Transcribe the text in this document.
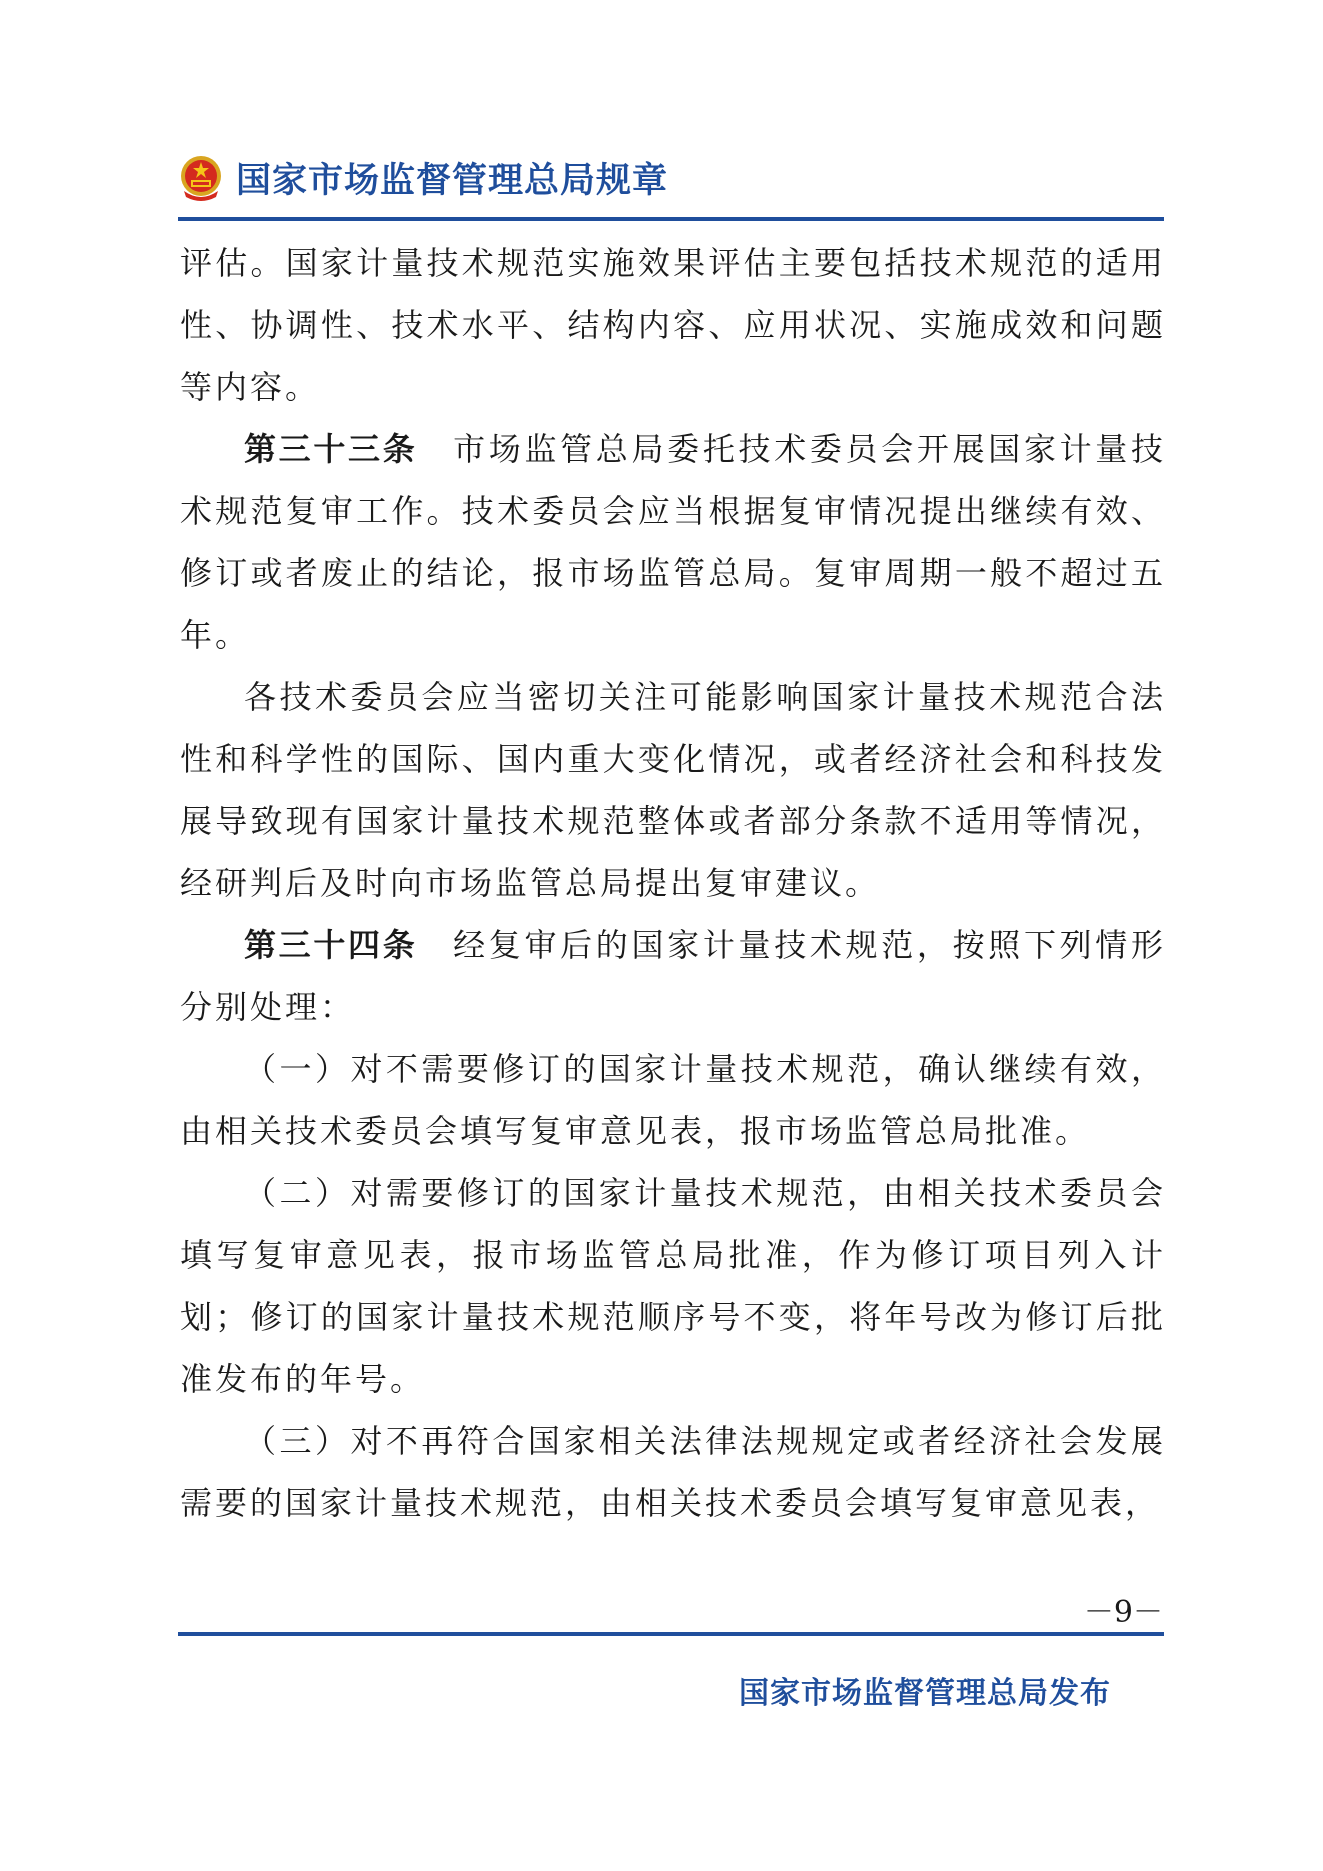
国家市场监督管理总局规章

评估。国家计量技术规范实施效果评估主要包括技术规范的适用性、协调性、技术水平、结构内容、应用状况、实施成效和问题等内容。

第三十三条  市场监管总局委托技术委员会开展国家计量技术规范复审工作。技术委员会应当根据复审情况提出继续有效、修订或者废止的结论，报市场监管总局。复审周期一般不超过五年。

各技术委员会应当密切关注可能影响国家计量技术规范合法性和科学性的国际、国内重大变化情况，或者经济社会和科技发展导致现有国家计量技术规范整体或者部分条款不适用等情况，经研判后及时向市场监管总局提出复审建议。

第三十四条  经复审后的国家计量技术规范，按照下列情形分别处理：

（一）对不需要修订的国家计量技术规范，确认继续有效，由相关技术委员会填写复审意见表，报市场监管总局批准。

（二）对需要修订的国家计量技术规范，由相关技术委员会填写复审意见表，报市场监管总局批准，作为修订项目列入计划；修订的国家计量技术规范顺序号不变，将年号改为修订后批准发布的年号。

（三）对不再符合国家相关法律法规规定或者经济社会发展需要的国家计量技术规范，由相关技术委员会填写复审意见表，

－9－
国家市场监督管理总局发布
